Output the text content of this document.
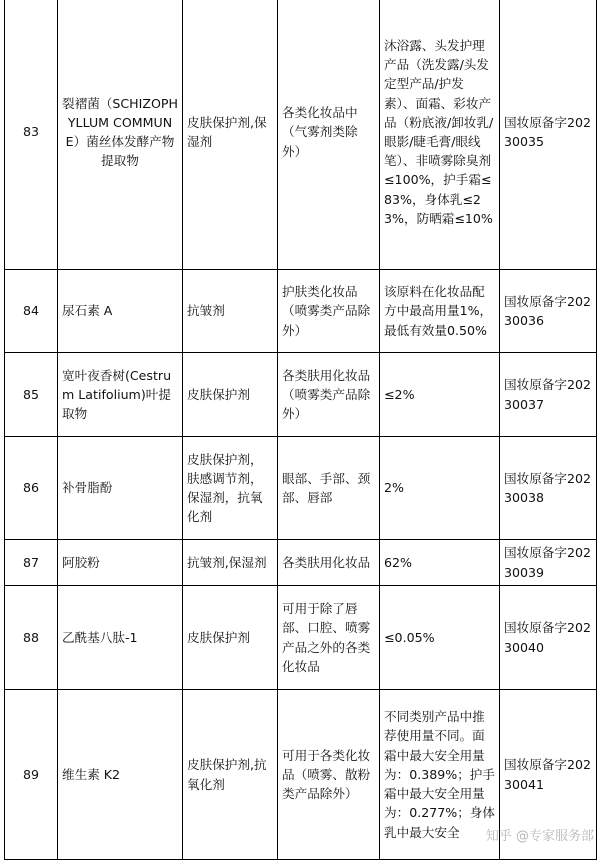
83	裂褶菌（SCHIZOPHYLLUM COMMUNE）菌丝体发酵产物提取物	皮肤保护剂,保湿剂	各类化妆品中（气雾剂类除外）	沐浴露、头发护理产品（洗发露/头发定型产品/护发素）、面霜、彩妆产品（粉底液/卸妆乳/眼影/睫毛膏/眼线笔）、非喷雾除臭剂≤100%，护手霜≤83%，身体乳≤23%，防晒霜≤10%	国妆原备字20230035
84	尿石素 A	抗皱剂	护肤类化妆品（喷雾类产品除外）	该原料在化妆品配方中最高用量1%，最低有效量0.50%	国妆原备字20230036
85	宽叶夜香树(Cestrum Latifolium)叶提取物	皮肤保护剂	各类肤用化妆品（喷雾类产品除外）	≤2%	国妆原备字20230037
86	补骨脂酚	皮肤保护剂，肤感调节剂，保湿剂，抗氧化剂	眼部、手部、颈部、唇部	2%	国妆原备字20230038
87	阿胶粉	抗皱剂,保湿剂	各类肤用化妆品	62%	国妆原备字20230039
88	乙酰基八肽-1	皮肤保护剂	可用于除了唇部、口腔、喷雾产品之外的各类化妆品	≤0.05%	国妆原备字20230040
89	维生素 K2	皮肤保护剂,抗氧化剂	可用于各类化妆品（喷雾、散粉类产品除外）	不同类别产品中推荐使用量不同。面霜中最大安全用量为：0.389%；护手霜中最大安全用量为：0.277%；身体乳中最大安全	国妆原备字20230041
知乎 @专家服务部
